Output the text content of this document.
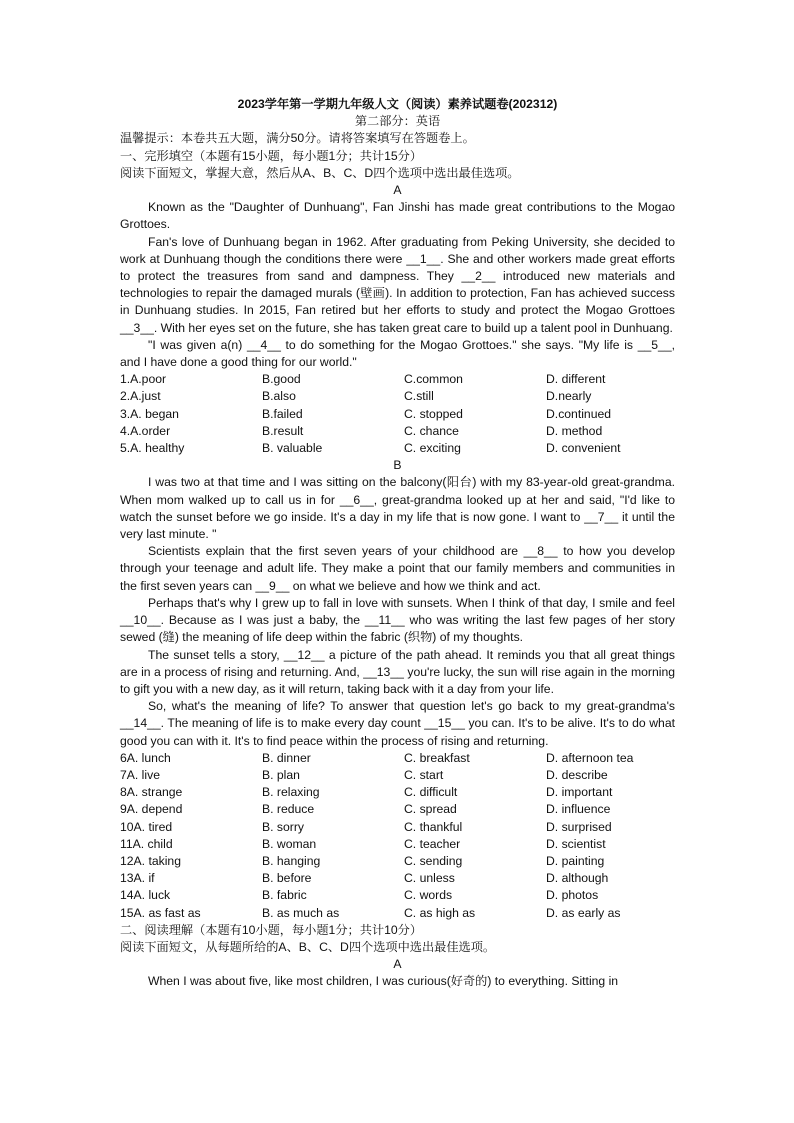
2023学年第一学期九年级人文（阅读）素养试题卷(202312)
第二部分：英语
温馨提示：本卷共五大题，满分50分。请将答案填写在答题卷上。
一、完形填空（本题有15小题，每小题1分；共计15分）
阅读下面短文，掌握大意，然后从A、B、C、D四个选项中选出最佳选项。
A

Known as the "Daughter of Dunhuang", Fan Jinshi has made great contributions to the Mogao Grottoes.

Fan's love of Dunhuang began in 1962. After graduating from Peking University, she decided to work at Dunhuang though the conditions there were __1__. She and other workers made great efforts to protect the treasures from sand and dampness. They __2__ introduced new materials and technologies to repair the damaged murals (壁画). In addition to protection, Fan has achieved success in Dunhuang studies. In 2015, Fan retired but her efforts to study and protect the Mogao Grottoes __3__. With her eyes set on the future, she has taken great care to build up a talent pool in Dunhuang.

"I was given a(n) __4__ to do something for the Mogao Grottoes." she says. "My life is __5__, and I have done a good thing for our world."

1.A.poor	B.good	C.common	D. different
2.A.just	B.also	C.still	D.nearly
3.A. began	B.failed	C. stopped	D.continued
4.A.order	B.result	C. chance	D. method
5.A. healthy	B. valuable	C. exciting	D. convenient
B

I was two at that time and I was sitting on the balcony(阳台) with my 83-year-old great-grandma. When mom walked up to call us in for __6__, great-grandma looked up at her and said, "I'd like to watch the sunset before we go inside. It's a day in my life that is now gone. I want to __7__ it until the very last minute. "

Scientists explain that the first seven years of your childhood are __8__ to how you develop through your teenage and adult life. They make a point that our family members and communities in the first seven years can __9__ on what we believe and how we think and act.

Perhaps that's why I grew up to fall in love with sunsets. When I think of that day, I smile and feel __10__. Because as I was just a baby, the __11__ who was writing the last few pages of her story sewed (缝) the meaning of life deep within the fabric (织物) of my thoughts.

The sunset tells a story, __12__ a picture of the path ahead. It reminds you that all great things are in a process of rising and returning. And, __13__ you're lucky, the sun will rise again in the morning to gift you with a new day, as it will return, taking back with it a day from your life.

So, what's the meaning of life? To answer that question let's go back to my great-grandma's __14__. The meaning of life is to make every day count __15__ you can. It's to be alive. It's to do what good you can with it. It's to find peace within the process of rising and returning.

6A. lunch	B. dinner	C. breakfast	D. afternoon tea
7A. live	B. plan	C. start	D. describe
8A. strange	B. relaxing	C. difficult	D. important
9A. depend	B. reduce	C. spread	D. influence
10A. tired	B. sorry	C. thankful	D. surprised
11A. child	B. woman	C. teacher	D. scientist
12A. taking	B. hanging	C. sending	D. painting
13A. if	B. before	C. unless	D. although
14A. luck	B. fabric	C. words	D. photos
15A. as fast as	B. as much as	C. as high as	D. as early as
二、阅读理解（本题有10小题，每小题1分；共计10分）
阅读下面短文，从每题所给的A、B、C、D四个选项中选出最佳选项。
A

When I was about five, like most children, I was curious(好奇的) to everything. Sitting in
